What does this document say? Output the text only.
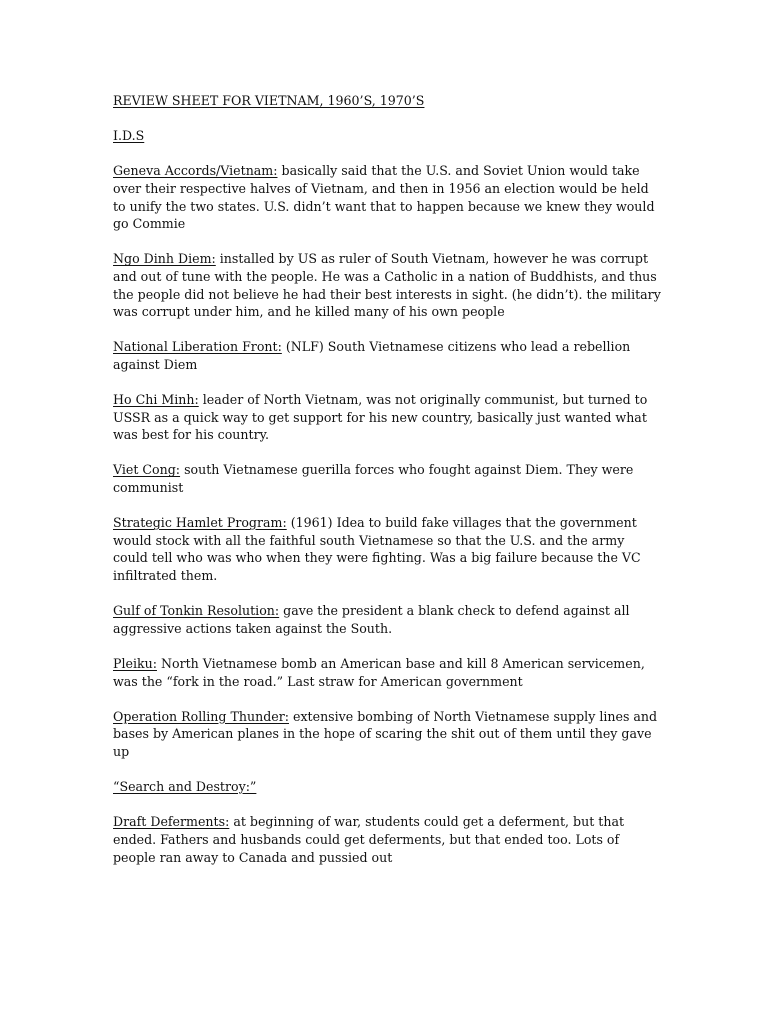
REVIEW SHEET FOR VIETNAM, 1960’S, 1970’S

I.D.S

Geneva Accords/Vietnam: basically said that the U.S. and Soviet Union would take over their respective halves of Vietnam, and then in 1956 an election would be held to unify the two states. U.S. didn’t want that to happen because we knew they would go Commie

Ngo Dinh Diem: installed by US as ruler of South Vietnam, however he was corrupt and out of tune with the people. He was a Catholic in a nation of Buddhists, and thus the people did not believe he had their best interests in sight. (he didn’t). the military was corrupt under him, and he killed many of his own people

National Liberation Front: (NLF) South Vietnamese citizens who lead a rebellion against Diem

Ho Chi Minh: leader of North Vietnam, was not originally communist, but turned to USSR as a quick way to get support for his new country, basically just wanted what was best for his country.

Viet Cong: south Vietnamese guerilla forces who fought against Diem. They were communist

Strategic Hamlet Program: (1961) Idea to build fake villages that the government would stock with all the faithful south Vietnamese so that the U.S. and the army could tell who was who when they were fighting. Was a big failure because the VC infiltrated them.

Gulf of Tonkin Resolution: gave the president a blank check to defend against all aggressive actions taken against the South.

Pleiku: North Vietnamese bomb an American base and kill 8 American servicemen, was the “fork in the road.” Last straw for American government

Operation Rolling Thunder: extensive bombing of North Vietnamese supply lines and bases by American planes in the hope of scaring the shit out of them until they gave up

“Search and Destroy:”

Draft Deferments: at beginning of war, students could get a deferment, but that ended. Fathers and husbands could get deferments, but that ended too. Lots of people ran away to Canada and pussied out
